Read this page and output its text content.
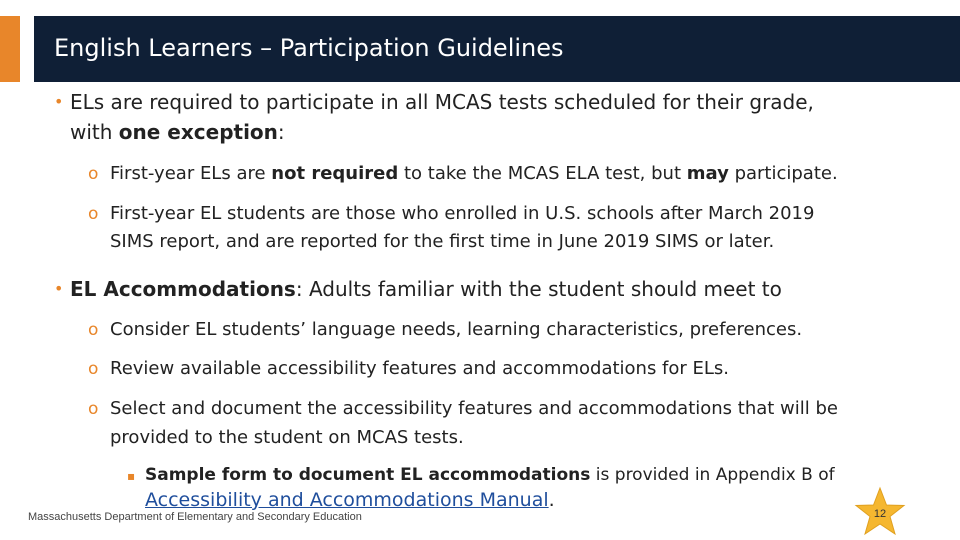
English Learners – Participation Guidelines
• ELs are required to participate in all MCAS tests scheduled for their grade,
with one exception:
o First-year ELs are not required to take the MCAS ELA test, but may participate.
o First-year EL students are those who enrolled in U.S. schools after March 2019
SIMS report, and are reported for the first time in June 2019 SIMS or later.
• EL Accommodations: Adults familiar with the student should meet to
o Consider EL students’ language needs, learning characteristics, preferences.
o Review available accessibility features and accommodations for ELs.
o Select and document the accessibility features and accommodations that will be
provided to the student on MCAS tests.
▪ Sample form to document EL accommodations is provided in Appendix B of
Accessibility and Accommodations Manual.
Massachusetts Department of Elementary and Secondary Education	12
